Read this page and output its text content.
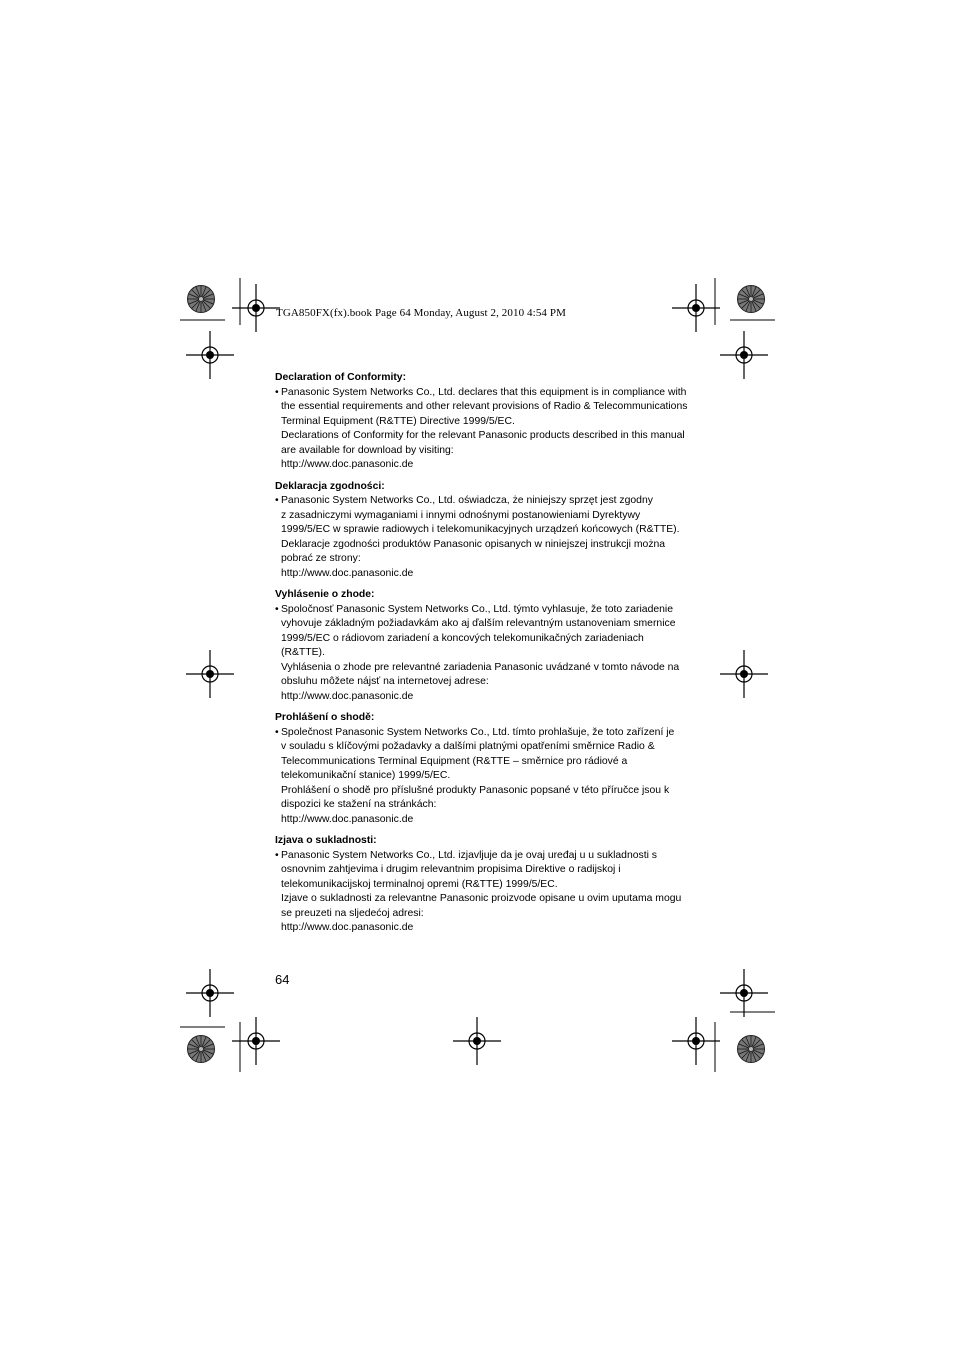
TGA850FX(fx).book Page 64 Monday, August 2, 2010 4:54 PM

Declaration of Conformity:

• Panasonic System Networks Co., Ltd. declares that this equipment is in compliance with
the essential requirements and other relevant provisions of Radio & Telecommunications
Terminal Equipment (R&TTE) Directive 1999/5/EC.
Declarations of Conformity for the relevant Panasonic products described in this manual
are available for download by visiting:
http://www.doc.panasonic.de

Deklaracja zgodności:

• Panasonic System Networks Co., Ltd. oświadcza, że niniejszy sprzęt jest zgodny
z zasadniczymi wymaganiami i innymi odnośnymi postanowieniami Dyrektywy
1999/5/EC w sprawie radiowych i telekomunikacyjnych urządzeń końcowych (R&TTE).
Deklaracje zgodności produktów Panasonic opisanych w niniejszej instrukcji można
pobrać ze strony:
http://www.doc.panasonic.de

Vyhlásenie o zhode:

• Spoločnosť Panasonic System Networks Co., Ltd. týmto vyhlasuje, že toto zariadenie
vyhovuje základným požiadavkám ako aj ďalším relevantným ustanoveniam smernice
1999/5/EC o rádiovom zariadení a koncových telekomunikačných zariadeniach
(R&TTE).
Vyhlásenia o zhode pre relevantné zariadenia Panasonic uvádzané v tomto návode na
obsluhu môžete nájsť na internetovej adrese:
http://www.doc.panasonic.de

Prohlášení o shodě:

• Společnost Panasonic System Networks Co., Ltd. tímto prohlašuje, že toto zařízení je
v souladu s klíčovými požadavky a dalšími platnými opatřeními směrnice Radio &
Telecommunications Terminal Equipment (R&TTE – směrnice pro rádiové a
telekomunikační stanice) 1999/5/EC.
Prohlášení o shodě pro příslušné produkty Panasonic popsané v této příručce jsou k
dispozici ke stažení na stránkách:
http://www.doc.panasonic.de

Izjava o sukladnosti:

• Panasonic System Networks Co., Ltd. izjavljuje da je ovaj uređaj u u sukladnosti s
osnovnim zahtjevima i drugim relevantnim propisima Direktive o radijskoj i
telekomunikacijskoj terminalnoj opremi (R&TTE) 1999/5/EC.
Izjave o sukladnosti za relevantne Panasonic proizvode opisane u ovim uputama mogu
se preuzeti na sljedećoj adresi:
http://www.doc.panasonic.de
64
